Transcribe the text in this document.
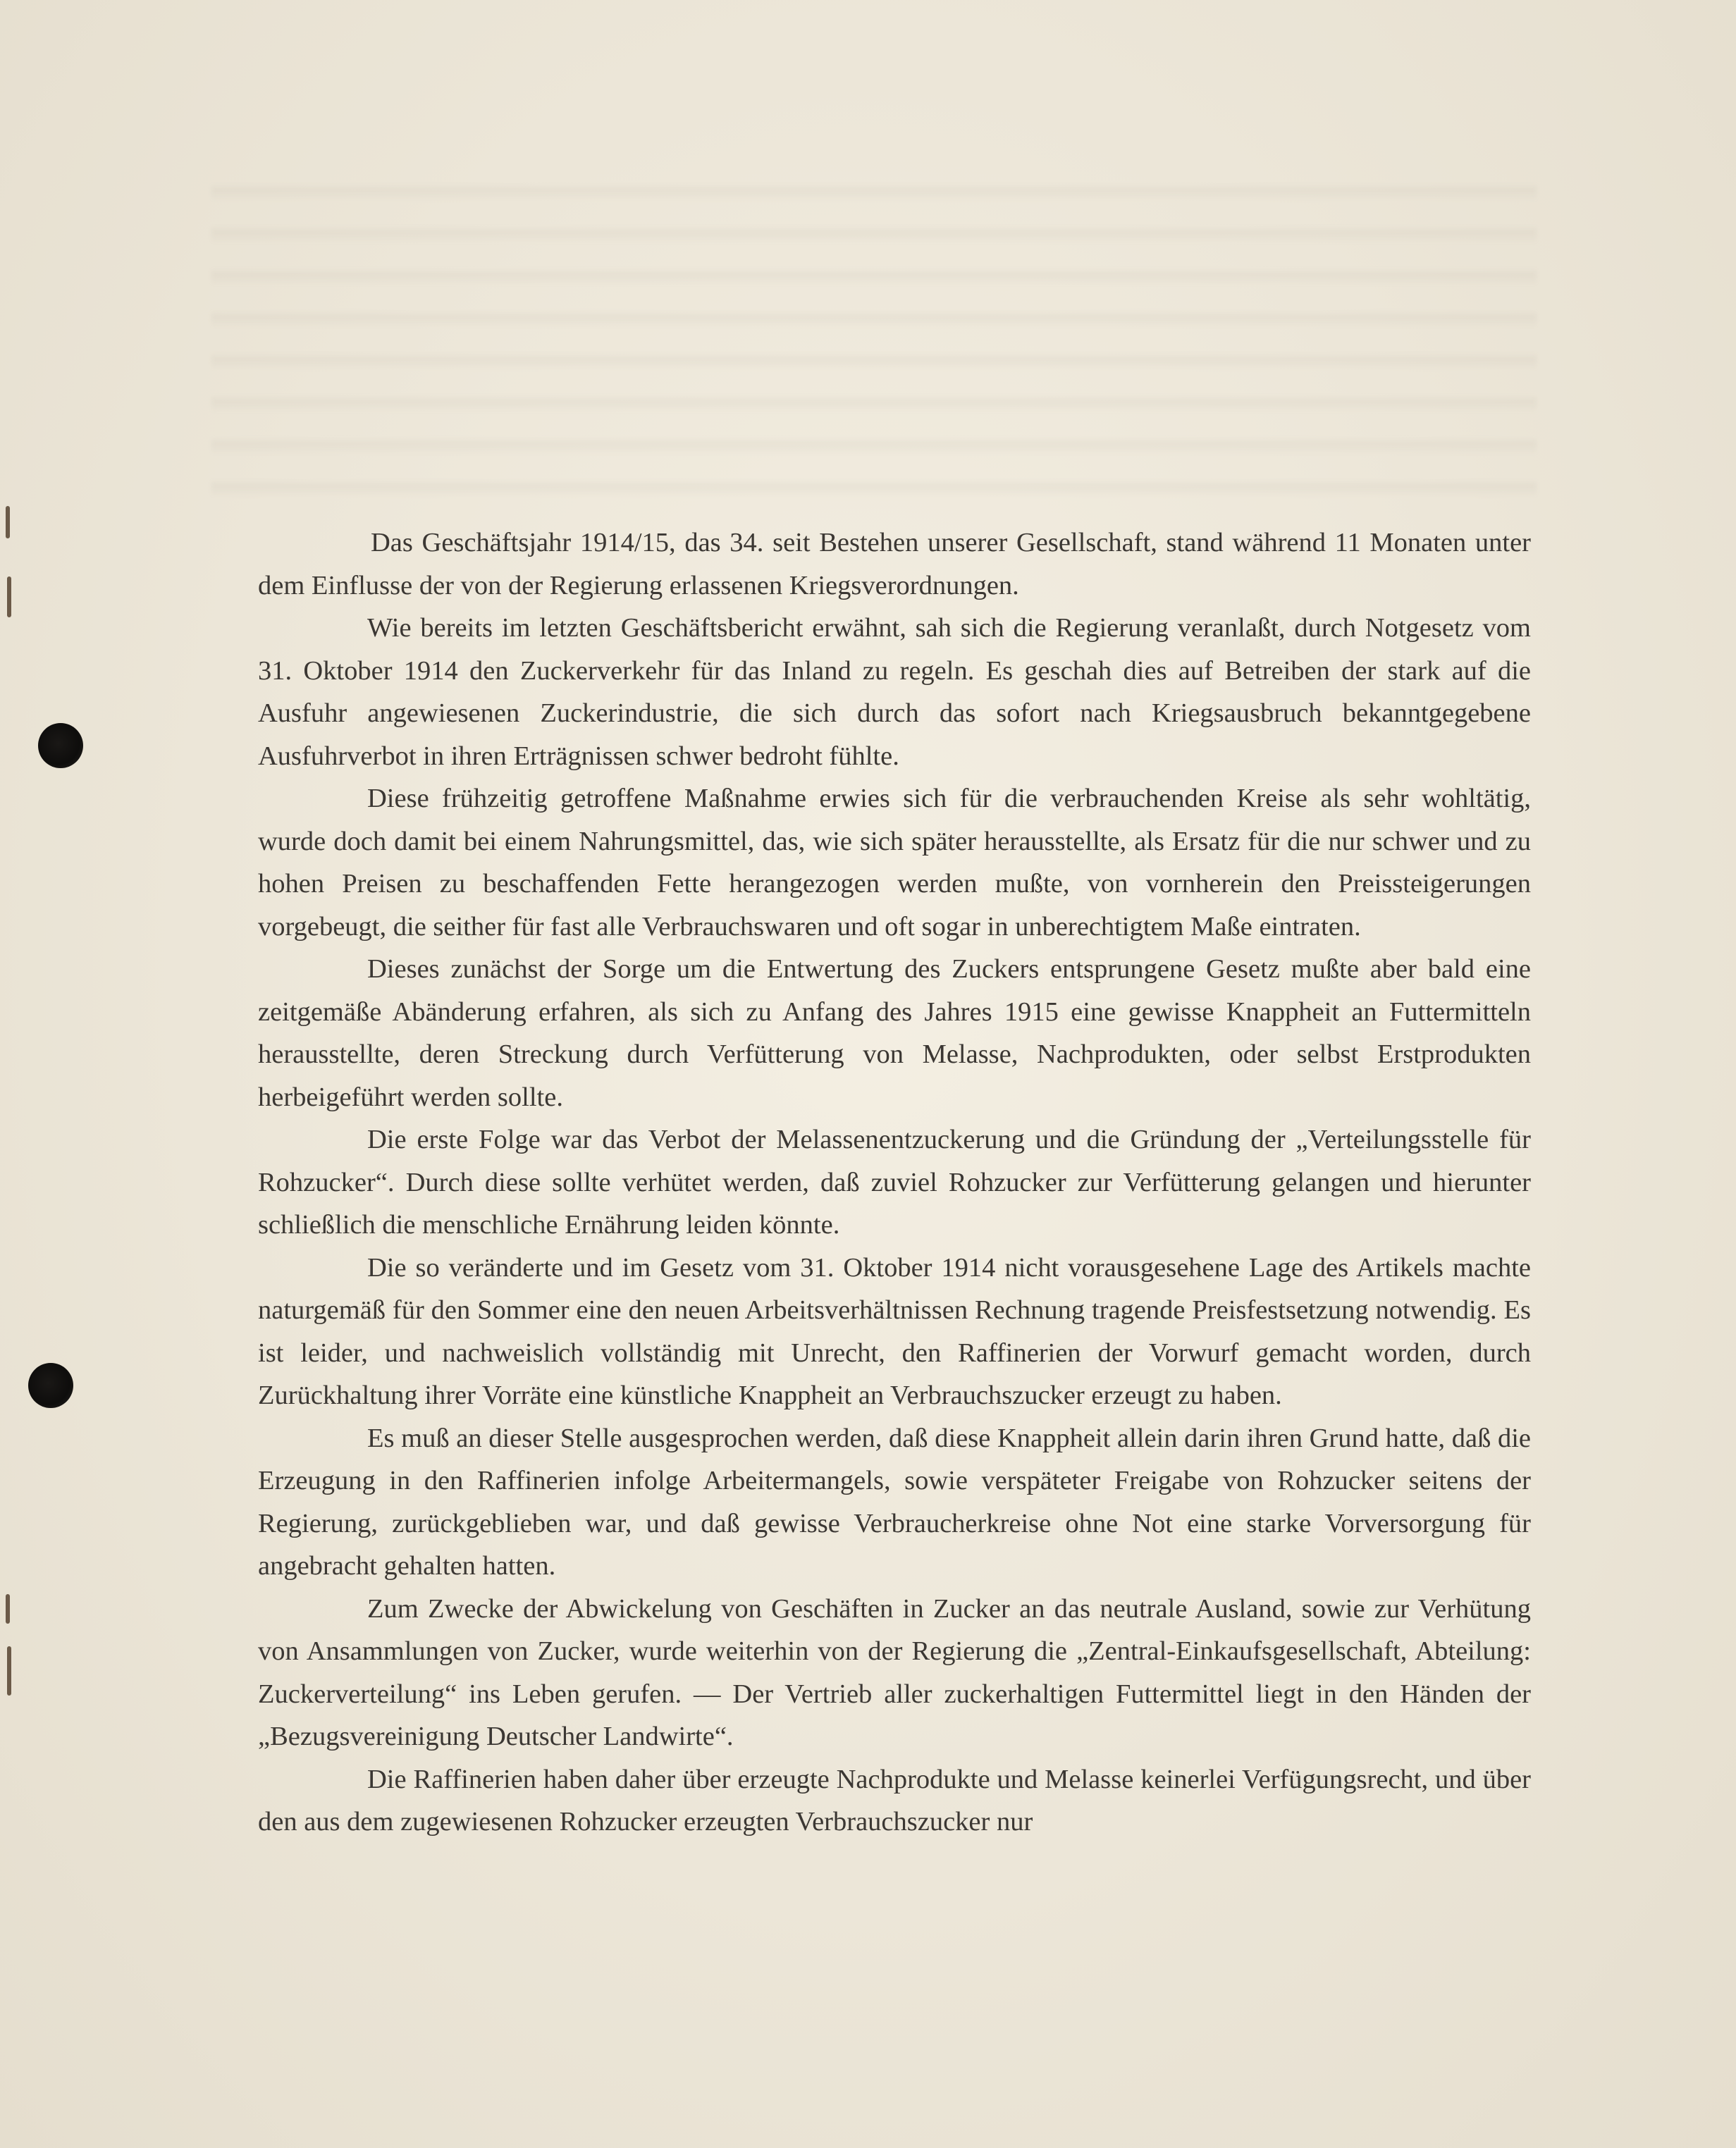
Das Geschäftsjahr 1914/15, das 34. seit Bestehen unserer Gesellschaft, stand während 11 Monaten unter dem Einflusse der von der Regierung erlassenen Kriegsverordnungen.

Wie bereits im letzten Geschäftsbericht erwähnt, sah sich die Regierung veranlaßt, durch Notgesetz vom 31. Oktober 1914 den Zuckerverkehr für das Inland zu regeln. Es geschah dies auf Betreiben der stark auf die Ausfuhr angewiesenen Zuckerindustrie, die sich durch das sofort nach Kriegsausbruch bekanntgegebene Ausfuhrverbot in ihren Erträgnissen schwer bedroht fühlte.

Diese frühzeitig getroffene Maßnahme erwies sich für die verbrauchenden Kreise als sehr wohltätig, wurde doch damit bei einem Nahrungsmittel, das, wie sich später herausstellte, als Ersatz für die nur schwer und zu hohen Preisen zu beschaffenden Fette herangezogen werden mußte, von vornherein den Preissteigerungen vorgebeugt, die seither für fast alle Verbrauchswaren und oft sogar in unberechtigtem Maße eintraten.

Dieses zunächst der Sorge um die Entwertung des Zuckers entsprungene Gesetz mußte aber bald eine zeitgemäße Abänderung erfahren, als sich zu Anfang des Jahres 1915 eine gewisse Knappheit an Futtermitteln herausstellte, deren Streckung durch Verfütterung von Melasse, Nachprodukten, oder selbst Erstprodukten herbeigeführt werden sollte.

Die erste Folge war das Verbot der Melassenentzuckerung und die Gründung der „Verteilungsstelle für Rohzucker“. Durch diese sollte verhütet werden, daß zuviel Rohzucker zur Verfütterung gelangen und hierunter schließlich die menschliche Ernährung leiden könnte.

Die so veränderte und im Gesetz vom 31. Oktober 1914 nicht vorausgesehene Lage des Artikels machte naturgemäß für den Sommer eine den neuen Arbeitsverhältnissen Rechnung tragende Preisfestsetzung notwendig. Es ist leider, und nachweislich vollständig mit Unrecht, den Raffinerien der Vorwurf gemacht worden, durch Zurückhaltung ihrer Vorräte eine künstliche Knappheit an Verbrauchszucker erzeugt zu haben.

Es muß an dieser Stelle ausgesprochen werden, daß diese Knappheit allein darin ihren Grund hatte, daß die Erzeugung in den Raffinerien infolge Arbeitermangels, sowie verspäteter Freigabe von Rohzucker seitens der Regierung, zurückgeblieben war, und daß gewisse Verbraucherkreise ohne Not eine starke Vorversorgung für angebracht gehalten hatten.

Zum Zwecke der Abwickelung von Geschäften in Zucker an das neutrale Ausland, sowie zur Verhütung von Ansammlungen von Zucker, wurde weiterhin von der Regierung die „Zentral-Einkaufsgesellschaft, Abteilung: Zuckerverteilung“ ins Leben gerufen. — Der Vertrieb aller zuckerhaltigen Futtermittel liegt in den Händen der „Bezugsvereinigung Deutscher Landwirte“.

Die Raffinerien haben daher über erzeugte Nachprodukte und Melasse keinerlei Verfügungsrecht, und über den aus dem zugewiesenen Rohzucker erzeugten Verbrauchszucker nur
